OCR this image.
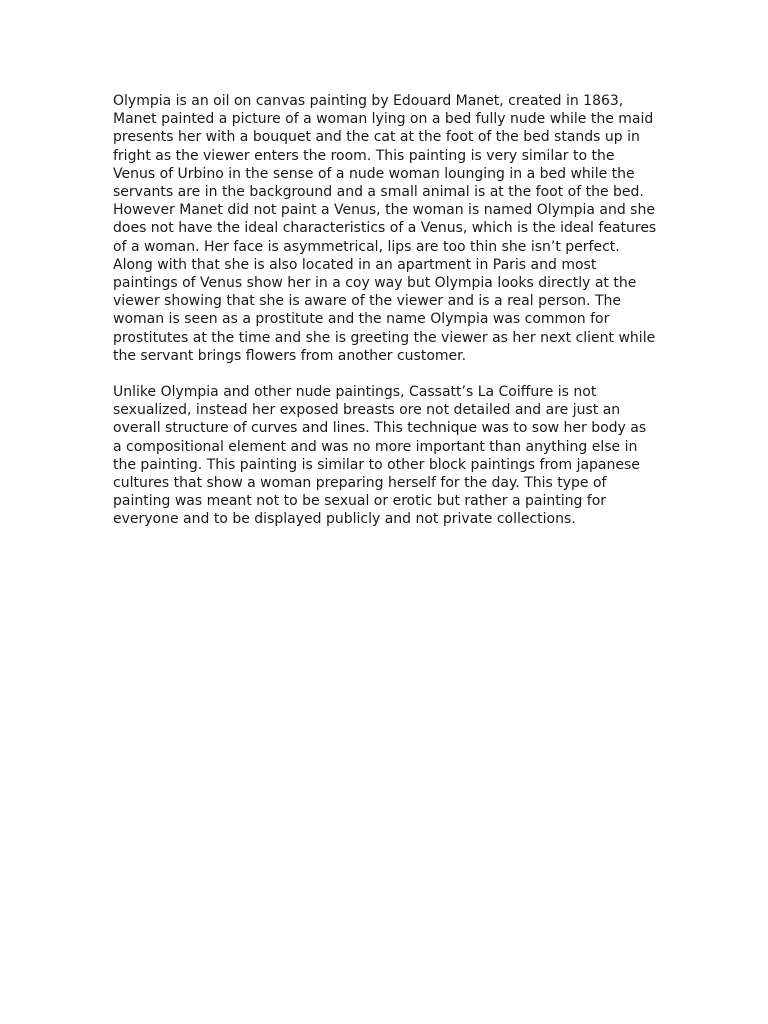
Olympia is an oil on canvas painting by Edouard Manet, created in 1863, Manet painted a picture of a woman lying on a bed fully nude while the maid presents her with a bouquet and the cat at the foot of the bed stands up in fright as the viewer enters the room. This painting is very similar to the Venus of Urbino in the sense of a nude woman lounging in a bed while the servants are in the background and a small animal is at the foot of the bed. However Manet did not paint a Venus, the woman is named Olympia and she does not have the ideal characteristics of a Venus, which is the ideal features of a woman. Her face is asymmetrical, lips are too thin she isn’t perfect. Along with that she is also located in an apartment in Paris and most paintings of Venus show her in a coy way but Olympia looks directly at the viewer showing that she is aware of the viewer and is a real person. The woman is seen as a prostitute and the name Olympia was common for prostitutes at the time and she is greeting the viewer as her next client while the servant brings flowers from another customer.

Unlike Olympia and other nude paintings, Cassatt’s La Coiffure is not sexualized, instead her exposed breasts ore not detailed and are just an overall structure of curves and lines. This technique was to sow her body as a compositional element and was no more important than anything else in the painting. This painting is similar to other block paintings from japanese cultures that show a woman preparing herself for the day. This type of painting was meant not to be sexual or erotic but rather a painting for everyone and to be displayed publicly and not private collections.
